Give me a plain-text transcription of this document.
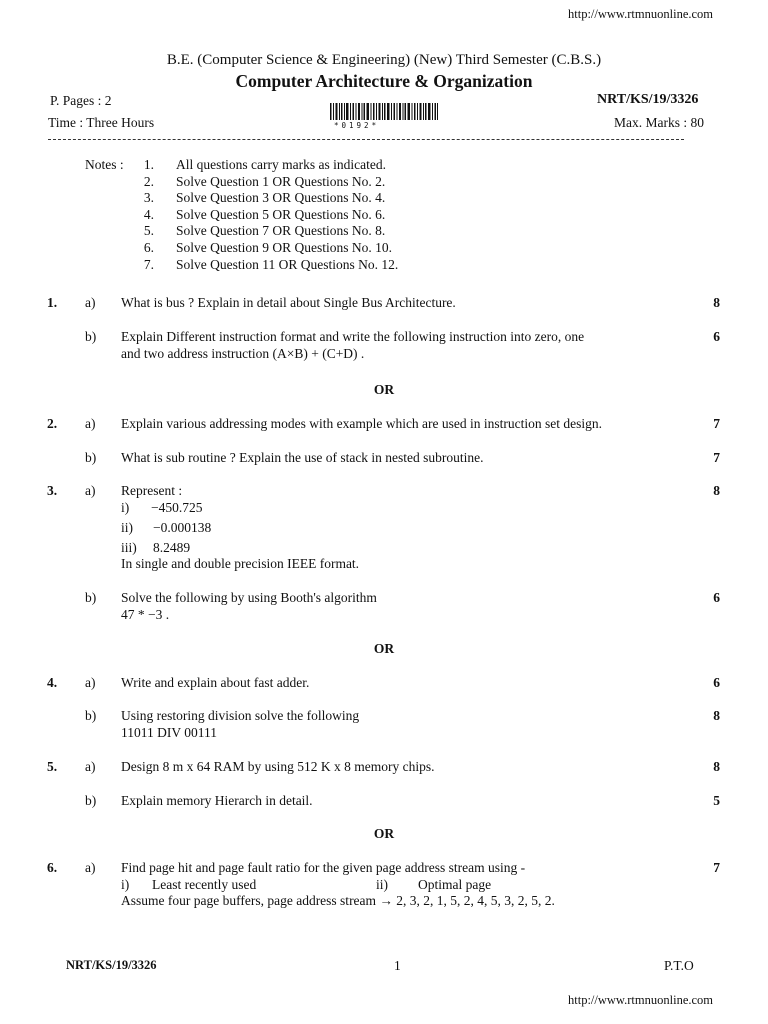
http://www.rtmnuonline.com
B.E. (Computer Science & Engineering) (New) Third Semester (C.B.S.)
Computer Architecture & Organization
P. Pages : 2	NRT/KS/19/3326
Time : Three Hours	Max. Marks : 80
*0192*
Notes :	1. All questions carry marks as indicated.
2. Solve Question 1 OR Questions No. 2.
3. Solve Question 3 OR Questions No. 4.
4. Solve Question 5 OR Questions No. 6.
5. Solve Question 7 OR Questions No. 8.
6. Solve Question 9 OR Questions No. 10.
7. Solve Question 11 OR Questions No. 12.
1. a) What is bus ? Explain in detail about Single Bus Architecture.	8
b) Explain Different instruction format and write the following instruction into zero, one
and two address instruction (A×B) + (C+D) .
6
OR
2. a) Explain various addressing modes with example which are used in instruction set design.	7
b) What is sub routine ? Explain the use of stack in nested subroutine.	7
3. a) Represent :	8
i) −450.725
ii) −0.000138
iii) 8.2489
In single and double precision IEEE format.
b) Solve the following by using Booth's algorithm
47 * −3 .
6
OR
4. a) Write and explain about fast adder.	6
b) Using restoring division solve the following
11011 DIV 00111
8
5. a) Design 8 m x 64 RAM by using 512 K x 8 memory chips.	8
b) Explain memory Hierarch in detail.	5
OR
6. a) Find page hit and page fault ratio for the given page address stream using -	7
i) Least recently used	ii) Optimal page
Assume four page buffers, page address stream → 2, 3, 2, 1, 5, 2, 4, 5, 3, 2, 5, 2.
NRT/KS/19/3326	1	P.T.O
http://www.rtmnuonline.com
